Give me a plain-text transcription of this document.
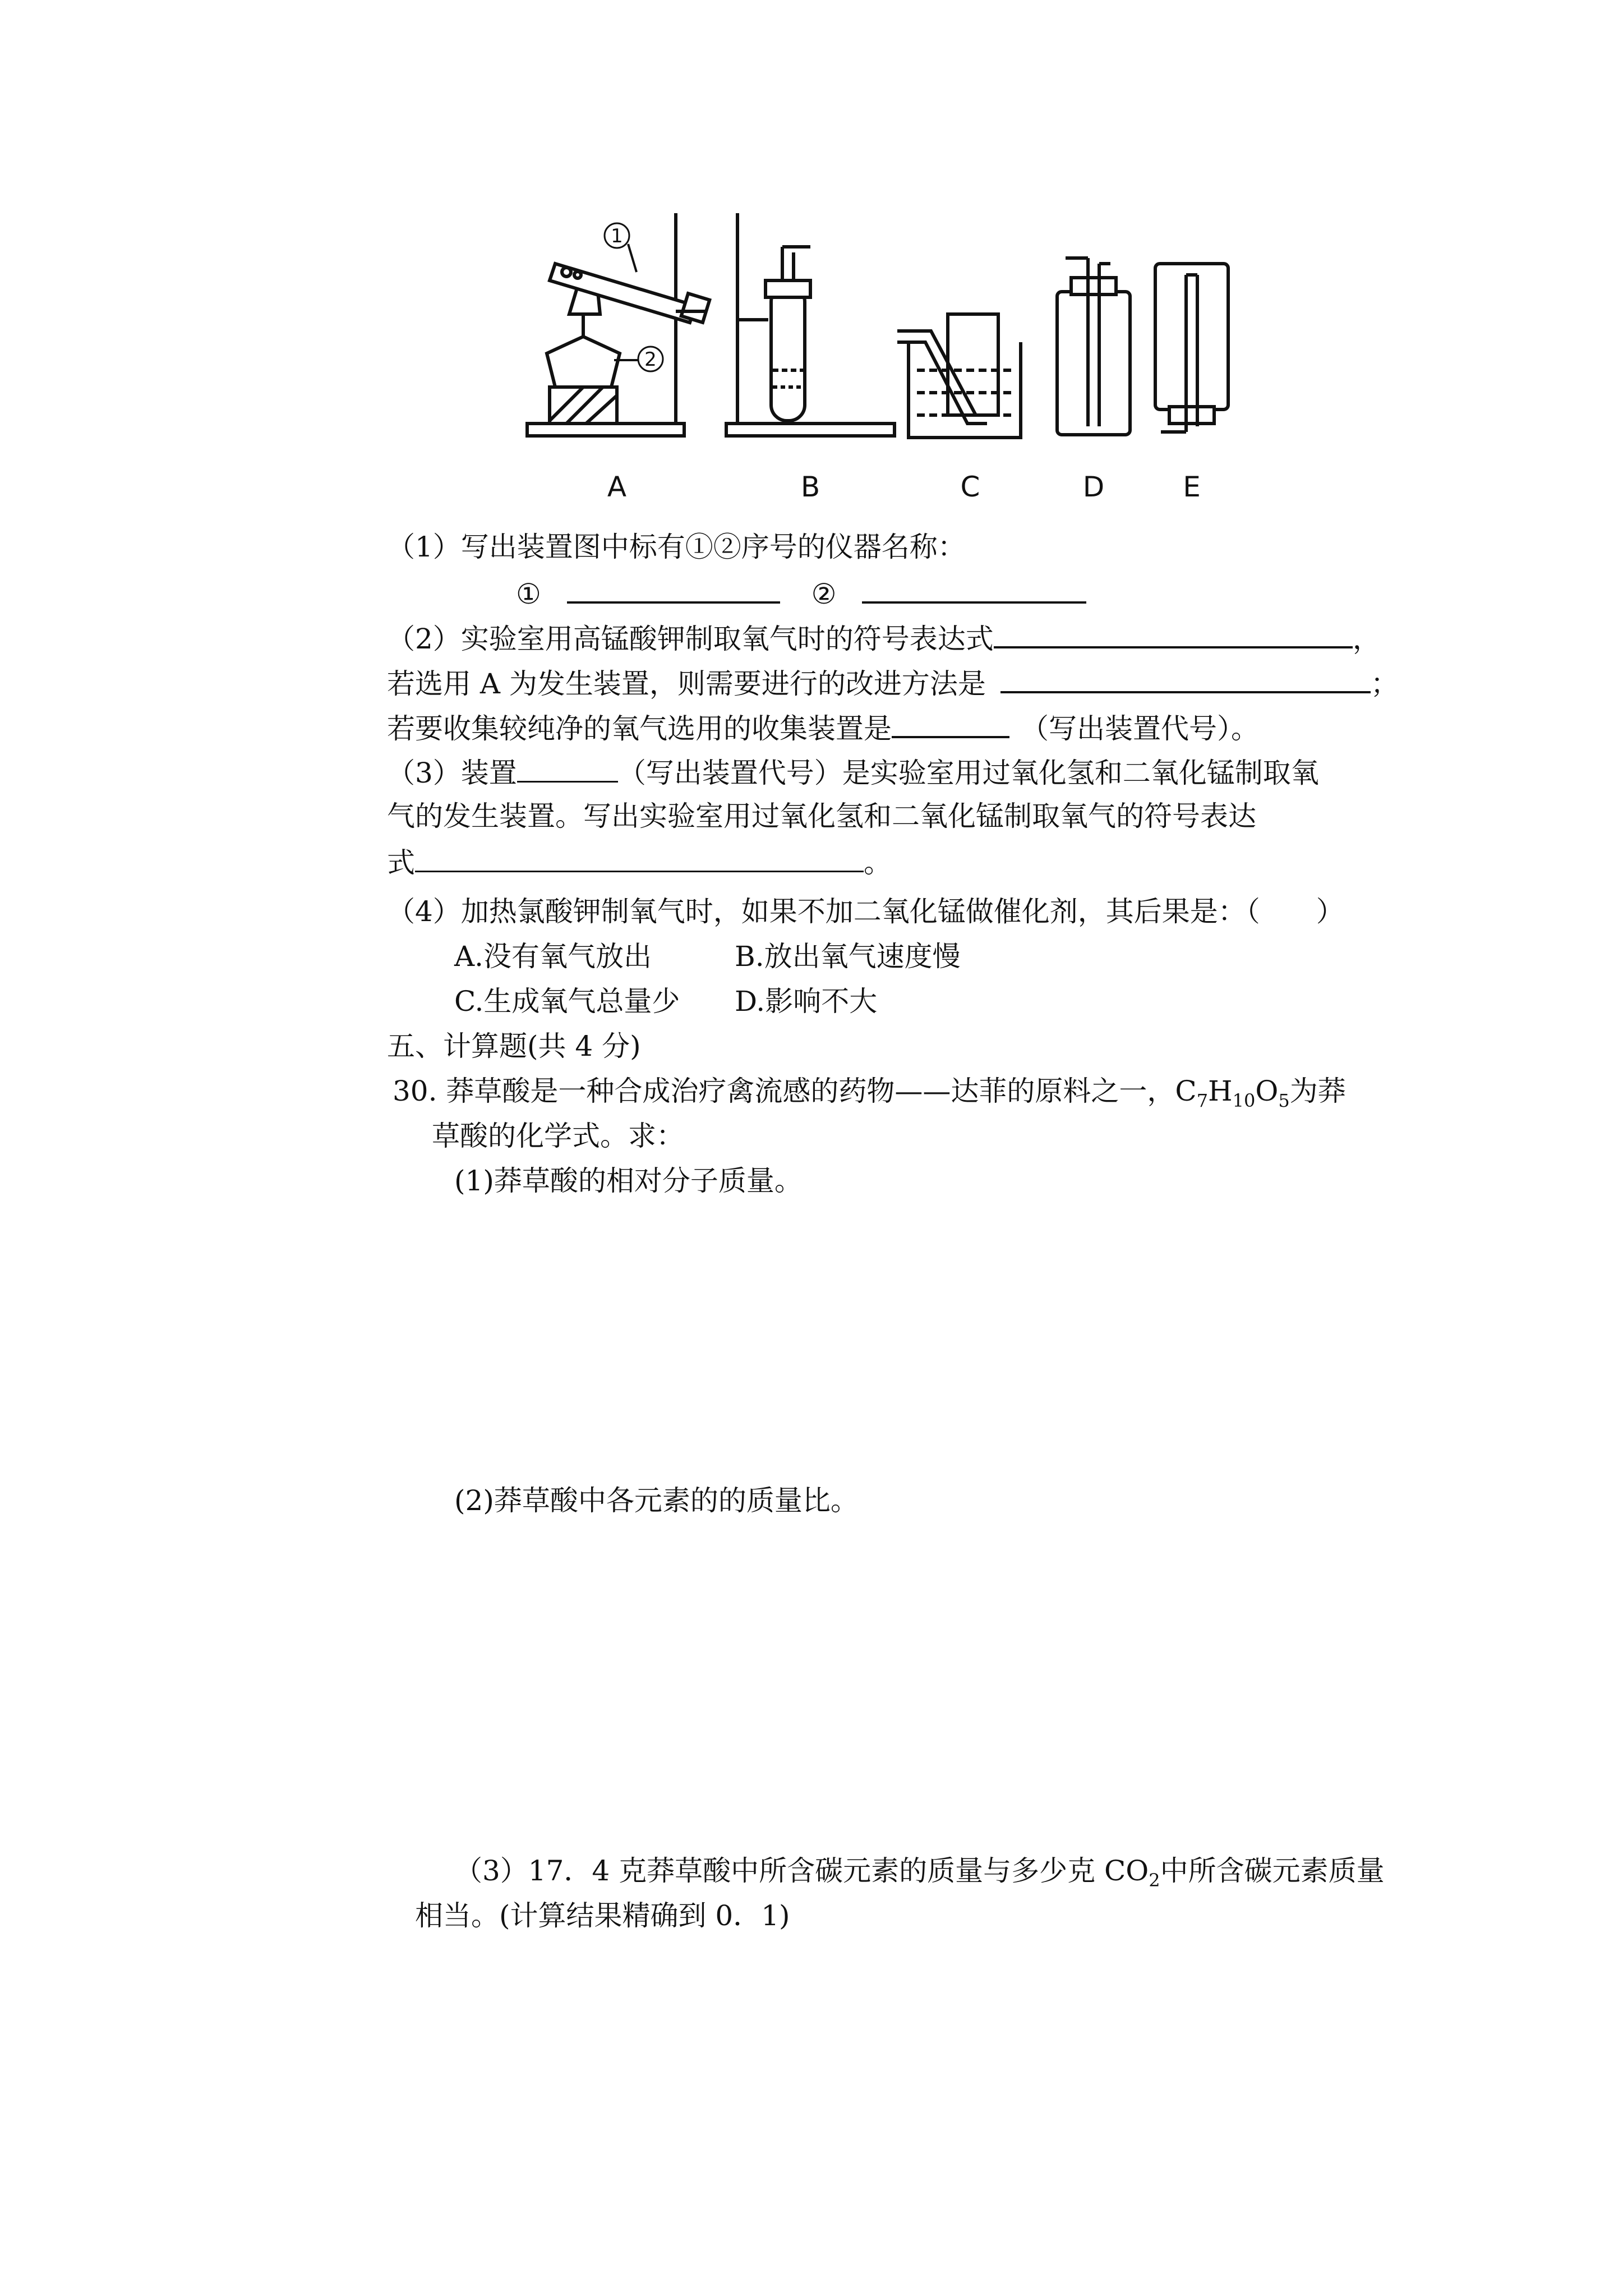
1
2
A	B	C	D	E
（1）写出装置图中标有①②序号的仪器名称：
①	②
（2）实验室用高锰酸钾制取氧气时的符号表达式	，
若选用 A 为发生装置，则需要进行的改进方法是	；
若要收集较纯净的氧气选用的收集装置是	（写出装置代号）。
（3）装置	（写出装置代号）是实验室用过氧化氢和二氧化锰制取氧
气的发生装置。写出实验室用过氧化氢和二氧化锰制取氧气的符号表达
式	。
（4）加热氯酸钾制氧气时，如果不加二氧化锰做催化剂，其后果是：（　　）
A.没有氧气放出	B.放出氧气速度慢
C.生成氧气总量少 D.影响不大
五、计算题(共 4 分)
30. 莽草酸是一种合成治疗禽流感的药物——达菲的原料之一，$C_7H_{10}O_5$为莽
草酸的化学式。求：
(1)莽草酸的相对分子质量。
(2)莽草酸中各元素的的质量比。
（3）17．4 克莽草酸中所含碳元素的质量与多少克 $CO_2$中所含碳元素质量
相当。(计算结果精确到 0．1)
